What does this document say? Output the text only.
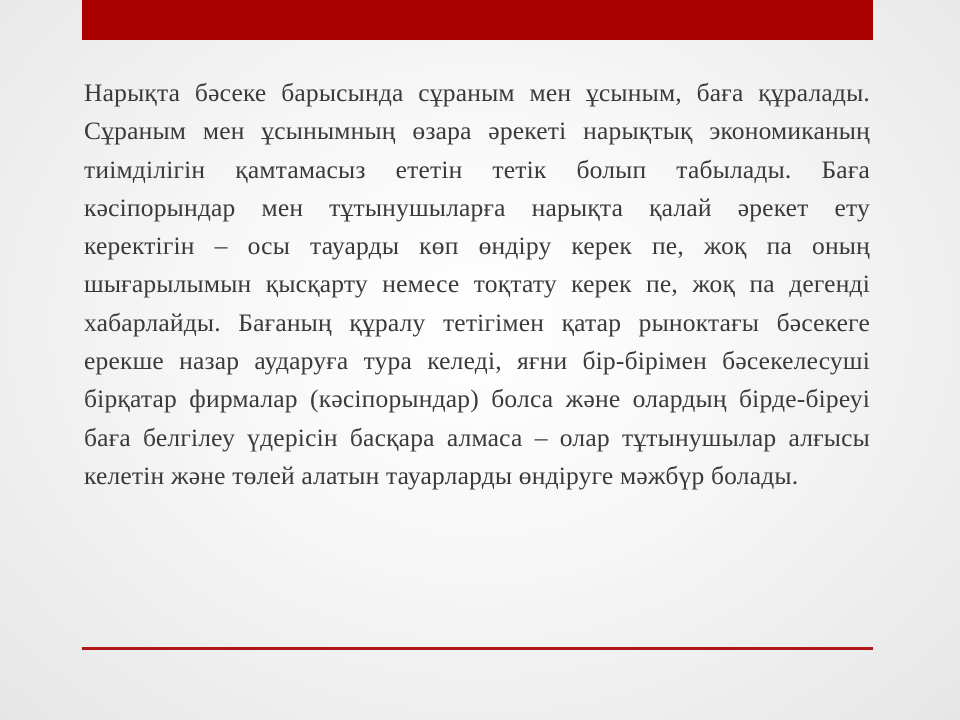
Нарықта бәсеке барысында сұраным мен ұсыным, баға құралады. Сұраным мен ұсынымның өзара әрекеті нарықтық экономиканың тиімділігін қамтамасыз ететін тетік болып табылады. Баға кәсіпорындар мен тұтынушыларға нарықта қалай әрекет ету керектігін – осы тауарды көп өндіру керек пе, жоқ па оның шығарылымын қысқарту немесе тоқтату керек пе, жоқ па дегенді хабарлайды. Бағаның құралу тетігімен қатар рыноктағы бәсекеге ерекше назар аударуға тура келеді, яғни бір-бірімен бәсекелесуші бірқатар фирмалар (кәсіпорындар) болса және олардың бірде-біреуі баға белгілеу үдерісін басқара алмаса – олар тұтынушылар алғысы келетін және төлей алатын тауарларды өндіруге мәжбүр болады.
